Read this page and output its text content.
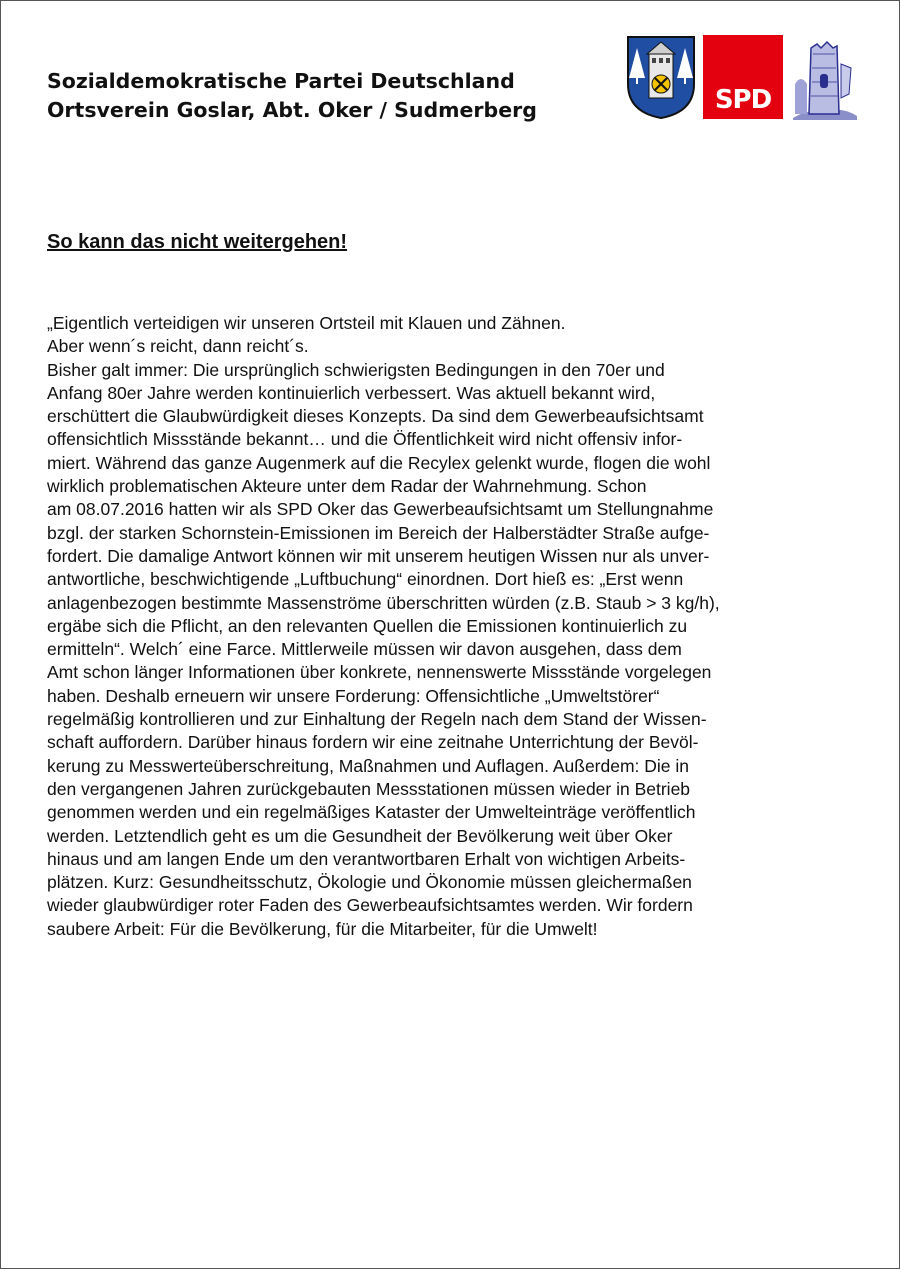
Sozialdemokratische Partei Deutschland
Ortsverein Goslar, Abt. Oker / Sudmerberg	SPD
So kann das nicht weitergehen!
„Eigentlich verteidigen wir unseren Ortsteil mit Klauen und Zähnen.
Aber wenn´s reicht, dann reicht´s.
Bisher galt immer: Die ursprünglich schwierigsten Bedingungen in den 70er und
Anfang 80er Jahre werden kontinuierlich verbessert. Was aktuell bekannt wird,
erschüttert die Glaubwürdigkeit dieses Konzepts. Da sind dem Gewerbeaufsichtsamt
offensichtlich Missstände bekannt… und die Öffentlichkeit wird nicht offensiv infor-
miert. Während das ganze Augenmerk auf die Recylex gelenkt wurde, flogen die wohl
wirklich problematischen Akteure unter dem Radar der Wahrnehmung. Schon
am 08.07.2016 hatten wir als SPD Oker das Gewerbeaufsichtsamt um Stellungnahme
bzgl. der starken Schornstein-Emissionen im Bereich der Halberstädter Straße aufge-
fordert. Die damalige Antwort können wir mit unserem heutigen Wissen nur als unver-
antwortliche, beschwichtigende „Luftbuchung“ einordnen. Dort hieß es: „Erst wenn
anlagenbezogen bestimmte Massenströme überschritten würden (z.B. Staub > 3 kg/h),
ergäbe sich die Pflicht, an den relevanten Quellen die Emissionen kontinuierlich zu
ermitteln“. Welch´ eine Farce. Mittlerweile müssen wir davon ausgehen, dass dem
Amt schon länger Informationen über konkrete, nennenswerte Missstände vorgelegen
haben. Deshalb erneuern wir unsere Forderung: Offensichtliche „Umweltstörer“
regelmäßig kontrollieren und zur Einhaltung der Regeln nach dem Stand der Wissen-
schaft auffordern. Darüber hinaus fordern wir eine zeitnahe Unterrichtung der Bevöl-
kerung zu Messwerteüberschreitung, Maßnahmen und Auflagen. Außerdem: Die in
den vergangenen Jahren zurückgebauten Messstationen müssen wieder in Betrieb
genommen werden und ein regelmäßiges Kataster der Umwelteinträge veröffentlich
werden. Letztendlich geht es um die Gesundheit der Bevölkerung weit über Oker
hinaus und am langen Ende um den verantwortbaren Erhalt von wichtigen Arbeits-
plätzen. Kurz: Gesundheitsschutz, Ökologie und Ökonomie müssen gleichermaßen
wieder glaubwürdiger roter Faden des Gewerbeaufsichtsamtes werden. Wir fordern
saubere Arbeit: Für die Bevölkerung, für die Mitarbeiter, für die Umwelt!
